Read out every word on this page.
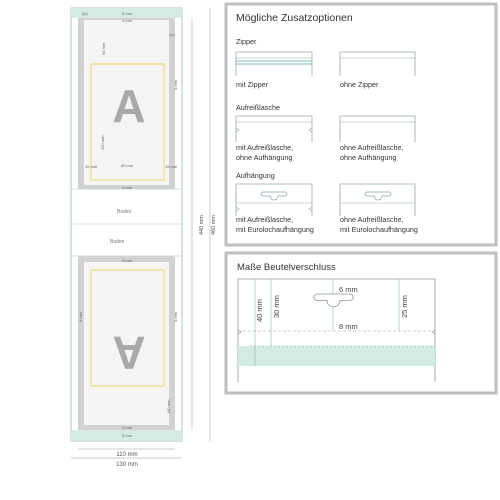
✂
✂
A
A
5 mm
4 mm
4 mm
4 mm
4 mm
5 mm
80 mm
15 mm	15 mm
120 mm
95 mm
140 mm
4 mm	4 mm
4 mm
Boden
Boden
440 mm 460 mm
110 mm
130 mm
Mögliche Zusatzoptionen
Zipper
mit Zipper	ohne Zipper
Aufreißlasche
mit Aufreißlasche,
ohne Aufhängung
ohne Aufreißlasche,
ohne Aufhängung
Aufhängung
mit Aufreißlasche,
mit Eurolochaufhängung
ohne Aufreißlasche,
mit Eurolochaufhängung
Maße Beutelverschluss
40 mm 30 mm	25 mm
6 mm
8 mm
